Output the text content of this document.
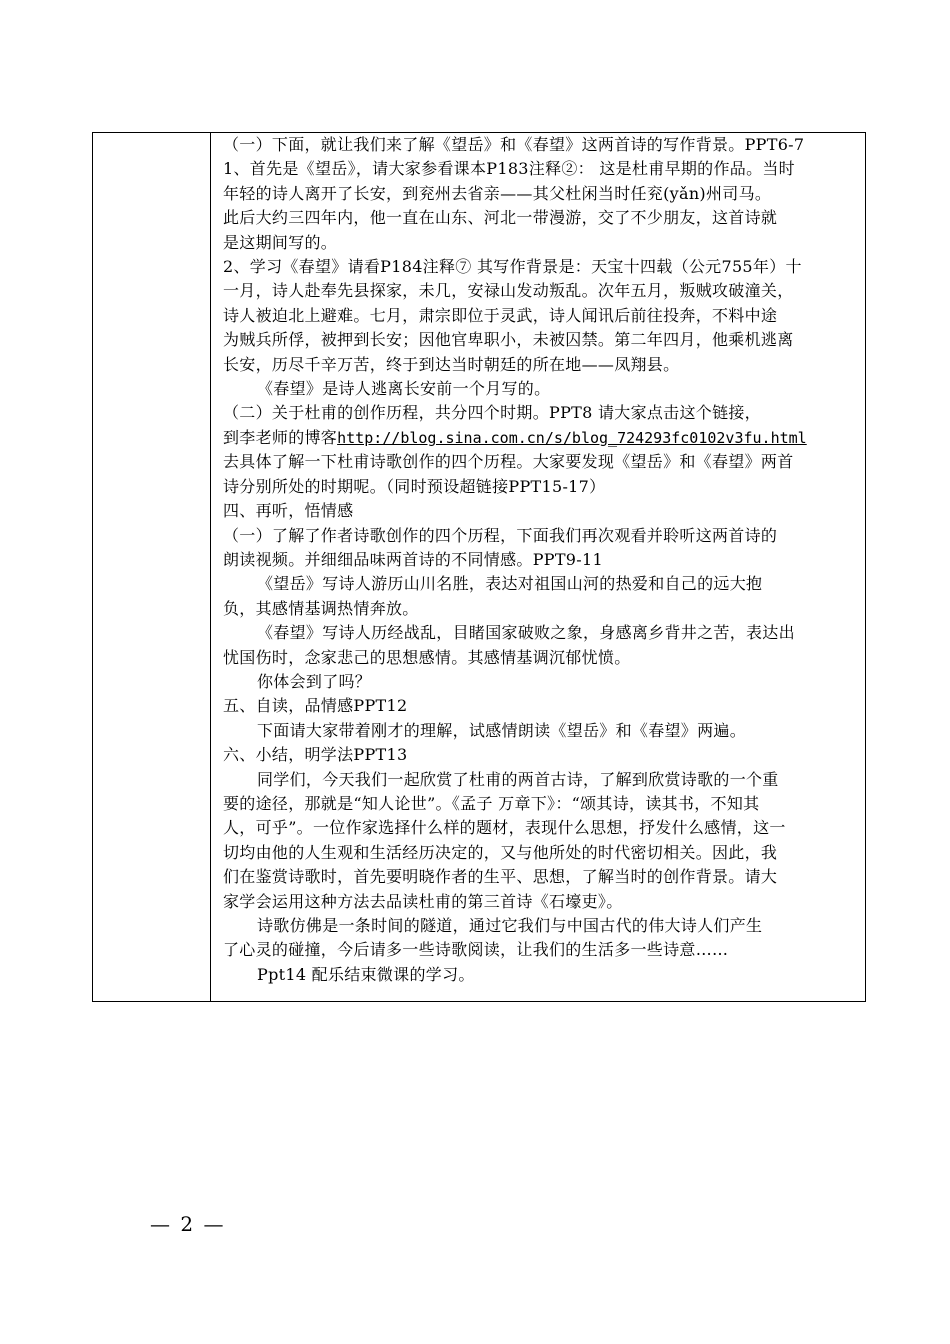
（一）下面，就让我们来了解《望岳》和《春望》这两首诗的写作背景。PPT6-7
1、首先是《望岳》，请大家参看课本P183注释②： 这是杜甫早期的作品。当时
年轻的诗人离开了长安，到兖州去省亲——其父杜闲当时任兖(yǎn)州司马。
此后大约三四年内，他一直在山东、河北一带漫游，交了不少朋友，这首诗就
是这期间写的。
2、学习《春望》请看P184注释⑦ 其写作背景是：天宝十四载（公元755年）十
一月，诗人赴奉先县探家，未几，安禄山发动叛乱。次年五月，叛贼攻破潼关，
诗人被迫北上避难。七月，肃宗即位于灵武，诗人闻讯后前往投奔，不料中途
为贼兵所俘，被押到长安；因他官卑职小，未被囚禁。第二年四月，他乘机逃离
长安，历尽千辛万苦，终于到达当时朝廷的所在地——凤翔县。
《春望》是诗人逃离长安前一个月写的。
（二）关于杜甫的创作历程，共分四个时期。PPT8 请大家点击这个链接，
到李老师的博客http://blog.sina.com.cn/s/blog_724293fc0102v3fu.html
去具体了解一下杜甫诗歌创作的四个历程。大家要发现《望岳》和《春望》两首
诗分别所处的时期呢。（同时预设超链接PPT15-17）
四、再听，悟情感
（一）了解了作者诗歌创作的四个历程，下面我们再次观看并聆听这两首诗的
朗读视频。并细细品味两首诗的不同情感。PPT9-11
《望岳》写诗人游历山川名胜，表达对祖国山河的热爱和自己的远大抱
负，其感情基调热情奔放。
《春望》写诗人历经战乱，目睹国家破败之象，身感离乡背井之苦，表达出
忧国伤时，念家悲己的思想感情。其感情基调沉郁忧愤。
你体会到了吗？
五、自读，品情感PPT12
下面请大家带着刚才的理解，试感情朗读《望岳》和《春望》两遍。
六、小结，明学法PPT13
同学们，今天我们一起欣赏了杜甫的两首古诗，了解到欣赏诗歌的一个重
要的途径，那就是“知人论世”。《孟子 万章下》：“颂其诗，读其书，不知其
人，可乎”。一位作家选择什么样的题材，表现什么思想，抒发什么感情，这一
切均由他的人生观和生活经历决定的，又与他所处的时代密切相关。因此，我
们在鉴赏诗歌时，首先要明晓作者的生平、思想，了解当时的创作背景。请大
家学会运用这种方法去品读杜甫的第三首诗《石壕吏》。
诗歌仿佛是一条时间的隧道，通过它我们与中国古代的伟大诗人们产生
了心灵的碰撞，今后请多一些诗歌阅读，让我们的生活多一些诗意……
Ppt14 配乐结束微课的学习。
— 2 —
